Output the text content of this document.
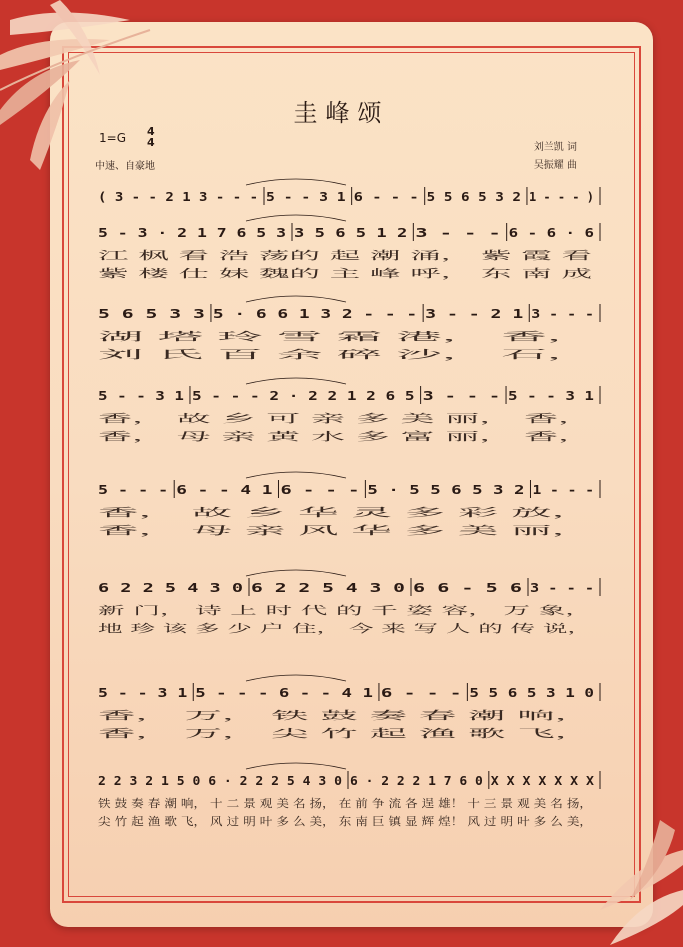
圭峰颂
1=G 4
4
中速、自豪地
刘兰凯 词
吴振耀 曲
( 3 - - 2 1 3 - - - 5 - - 3 1 6 - - - 5 5 6 5 3 2 1 - - - )
5 - 3 · 2 1 7 6 5 3 3 5 6 5 1 2 3 - - - 6 - 6 · 6
江 枫 看 浩 荡的 起 潮 涌， 紫 霞 看
紫 楼 仕 妹 魏的 主 峰 呼， 东 南 成
5 6 5 3 3 5 · 6 6 1 3 2 - - - 3 - - 2 1 3 - - -
湖 塔 玲 雪 霜 港， 香，
刘 氏 百 余 碎 沙， 石，
5 - - 3 1 5 - - - 2 · 2 2 1 2 6 5 3 - - - 5 - - 3 1
香， 故 乡 可 亲 多 美 丽， 香，
香， 母 亲 黄 水 多 富 丽， 香，
5 - - - 6 - - 4 1 6 - - - 5 · 5 5 6 5 3 2 1 - - -
香， 故 乡 华 灵 多 彩 放，
香， 母 亲 风 华 多 美 丽，
6 2 2 5 4 3 0 6 2 2 5 4 3 0 6 6 - 5 6 3 - - -
新 门， 诗 上 时 代 的 千 姿 容， 万 象，
地 珍 该 多 少 户 住， 今 来 写 人 的 传 说，
5 - - 3 1 5 - - - 6 - - 4 1 6 - - - 5 5 6 5 3 1 0
香， 万， 铁 鼓 奏 春 潮 响，
香， 万， 尖 竹 起 渔 歌 飞，
2 2 3 2 1 5 0 6 · 2 2 2 5 4 3 0 6 · 2 2 2 1 7 6 0 X X X X X X X
铁 鼓 奏 春 潮 响， 十 二 景 观 美 名 扬， 在 前 争 流 各 逞 雄！ 十 三 景 观 美 名 扬，
尖 竹 起 渔 歌 飞， 风 过 明 叶 多 么 美， 东 南 巨 镇 显 辉 煌！ 风 过 明 叶 多 么 美，
